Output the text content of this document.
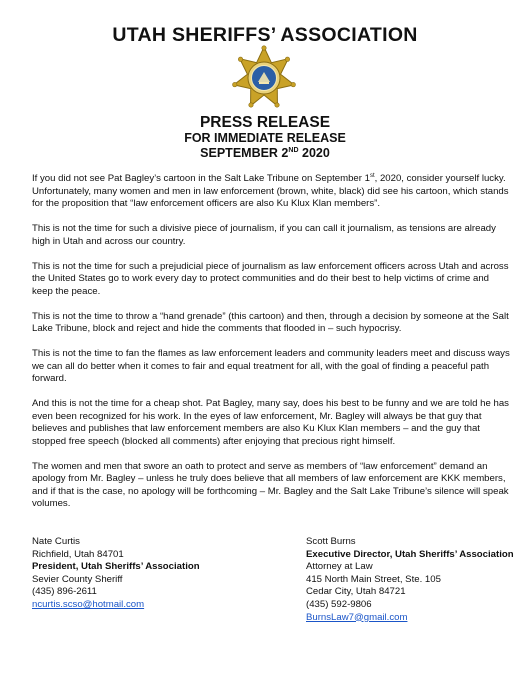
UTAH SHERIFFS’ ASSOCIATION
PRESS RELEASE
FOR IMMEDIATE RELEASE
SEPTEMBER 2ND 2020

If you did not see Pat Bagley’s cartoon in the Salt Lake Tribune on September 1st, 2020, consider yourself lucky. Unfortunately, many women and men in law enforcement (brown, white, black) did see his cartoon, which stands for the proposition that “law enforcement officers are also Ku Klux Klan members”.

This is not the time for such a divisive piece of journalism, if you can call it journalism, as tensions are already high in Utah and across our country.

This is not the time for such a prejudicial piece of journalism as law enforcement officers across Utah and across the United States go to work every day to protect communities and do their best to help victims of crime and keep the peace.

This is not the time to throw a “hand grenade” (this cartoon) and then, through a decision by someone at the Salt Lake Tribune, block and reject and hide the comments that flooded in – such hypocrisy.

This is not the time to fan the flames as law enforcement leaders and community leaders meet and discuss ways we can all do better when it comes to fair and equal treatment for all, with the goal of finding a peaceful path forward.

And this is not the time for a cheap shot. Pat Bagley, many say, does his best to be funny and we are told he has even been recognized for his work. In the eyes of law enforcement, Mr. Bagley will always be that guy that believes and publishes that law enforcement members are also Ku Klux Klan members – and the guy that stopped free speech (blocked all comments) after enjoying that precious right himself.

The women and men that swore an oath to protect and serve as members of “law enforcement” demand an apology from Mr. Bagley – unless he truly does believe that all members of law enforcement are KKK members, and if that is the case, no apology will be forthcoming – Mr. Bagley and the Salt Lake Tribune’s silence will speak volumes.

Nate Curtis
Richfield, Utah 84701
President, Utah Sheriffs’ Association
Sevier County Sheriff
(435) 896-2611
ncurtis.scso@hotmail.com
Scott Burns
Executive Director, Utah Sheriffs’ Association
Attorney at Law
415 North Main Street, Ste. 105
Cedar City, Utah 84721
(435) 592-9806
BurnsLaw7@gmail.com
